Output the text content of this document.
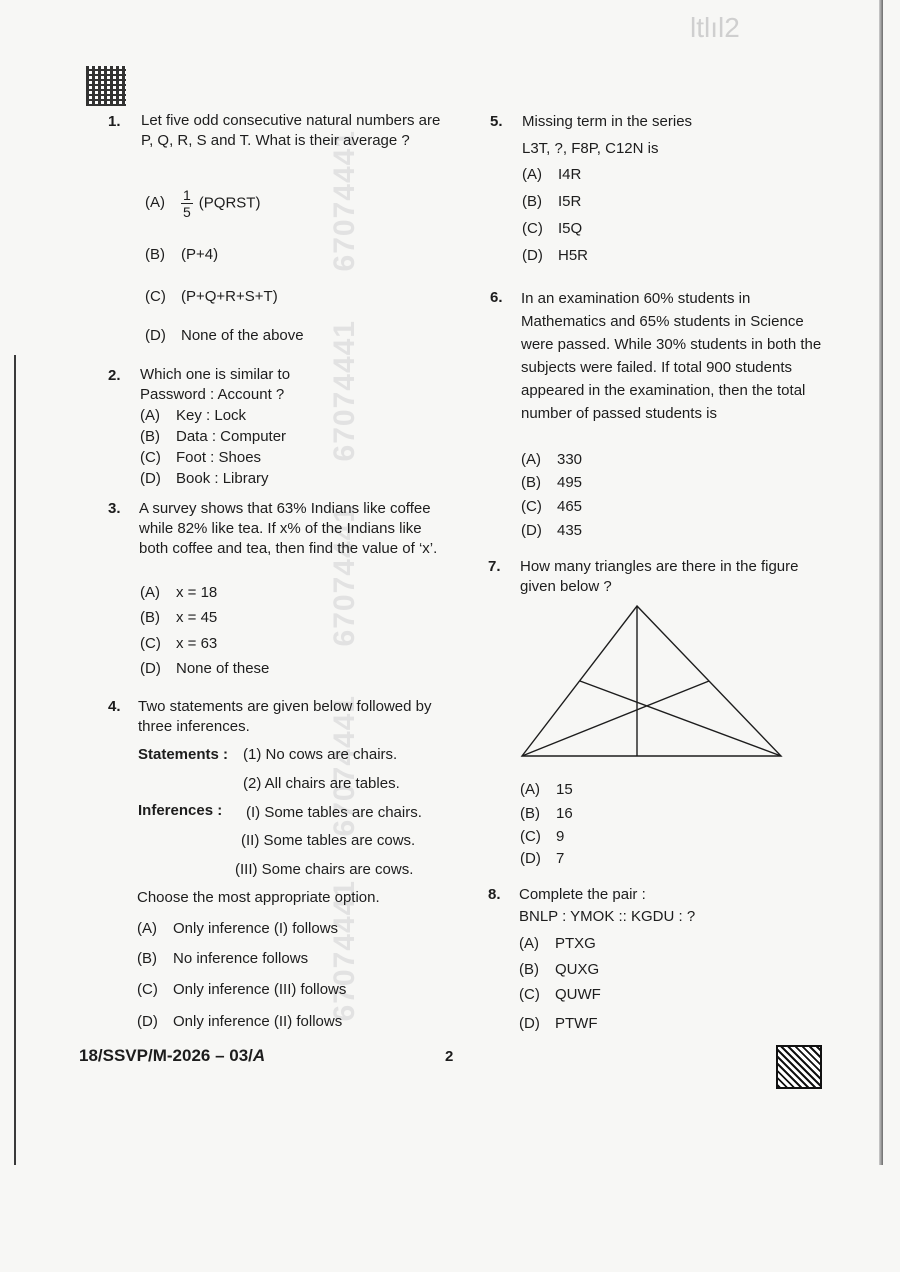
ltlıl2
67074441
67074441
67074441
67074441
67074441
1. Let five odd consecutive natural numbers are P, Q, R, S and T. What is their average ?
$(A) \frac{1}{5}$ (PQRST)
(B) (P+4)
(C) (P+Q+R+S+T)
(D) None of the above
2. Which one is similar to Password : Account ?
(A) Key : Lock
(B) Data : Computer
(C) Foot : Shoes
(D) Book : Library
3. A survey shows that 63% Indians like coffee while 82% like tea. If x% of the Indians like both coffee and tea, then find the value of ‘x’.
(A) x = 18
(B) x = 45
(C) x = 63
(D) None of these
4. Two statements are given below followed by three inferences.
Statements : (1) No cows are chairs.
(2) All chairs are tables.
Inferences : (I) Some tables are chairs.
(II) Some tables are cows.
(III) Some chairs are cows.
Choose the most appropriate option.
(A) Only inference (I) follows
(B) No inference follows
(C) Only inference (III) follows
(D) Only inference (II) follows
5. Missing term in the series
L3T, ?, F8P, C12N is
(A) I4R
(B) I5R
(C) I5Q
(D) H5R
6. In an examination 60% students in Mathematics and 65% students in Science were passed. While 30% students in both the subjects were failed. If total 900 students appeared in the examination, then the total number of passed students is
(A) 330
(B) 495
(C) 465
(D) 435
7. How many triangles are there in the figure given below ?
(A) 15
(B) 16
(C) 9
(D) 7
8. Complete the pair :
BNLP : YMOK :: KGDU : ?
(A) PTXG
(B) QUXG
(C) QUWF
(D) PTWF
18/SSVP/M-2026 – 03/A	2
